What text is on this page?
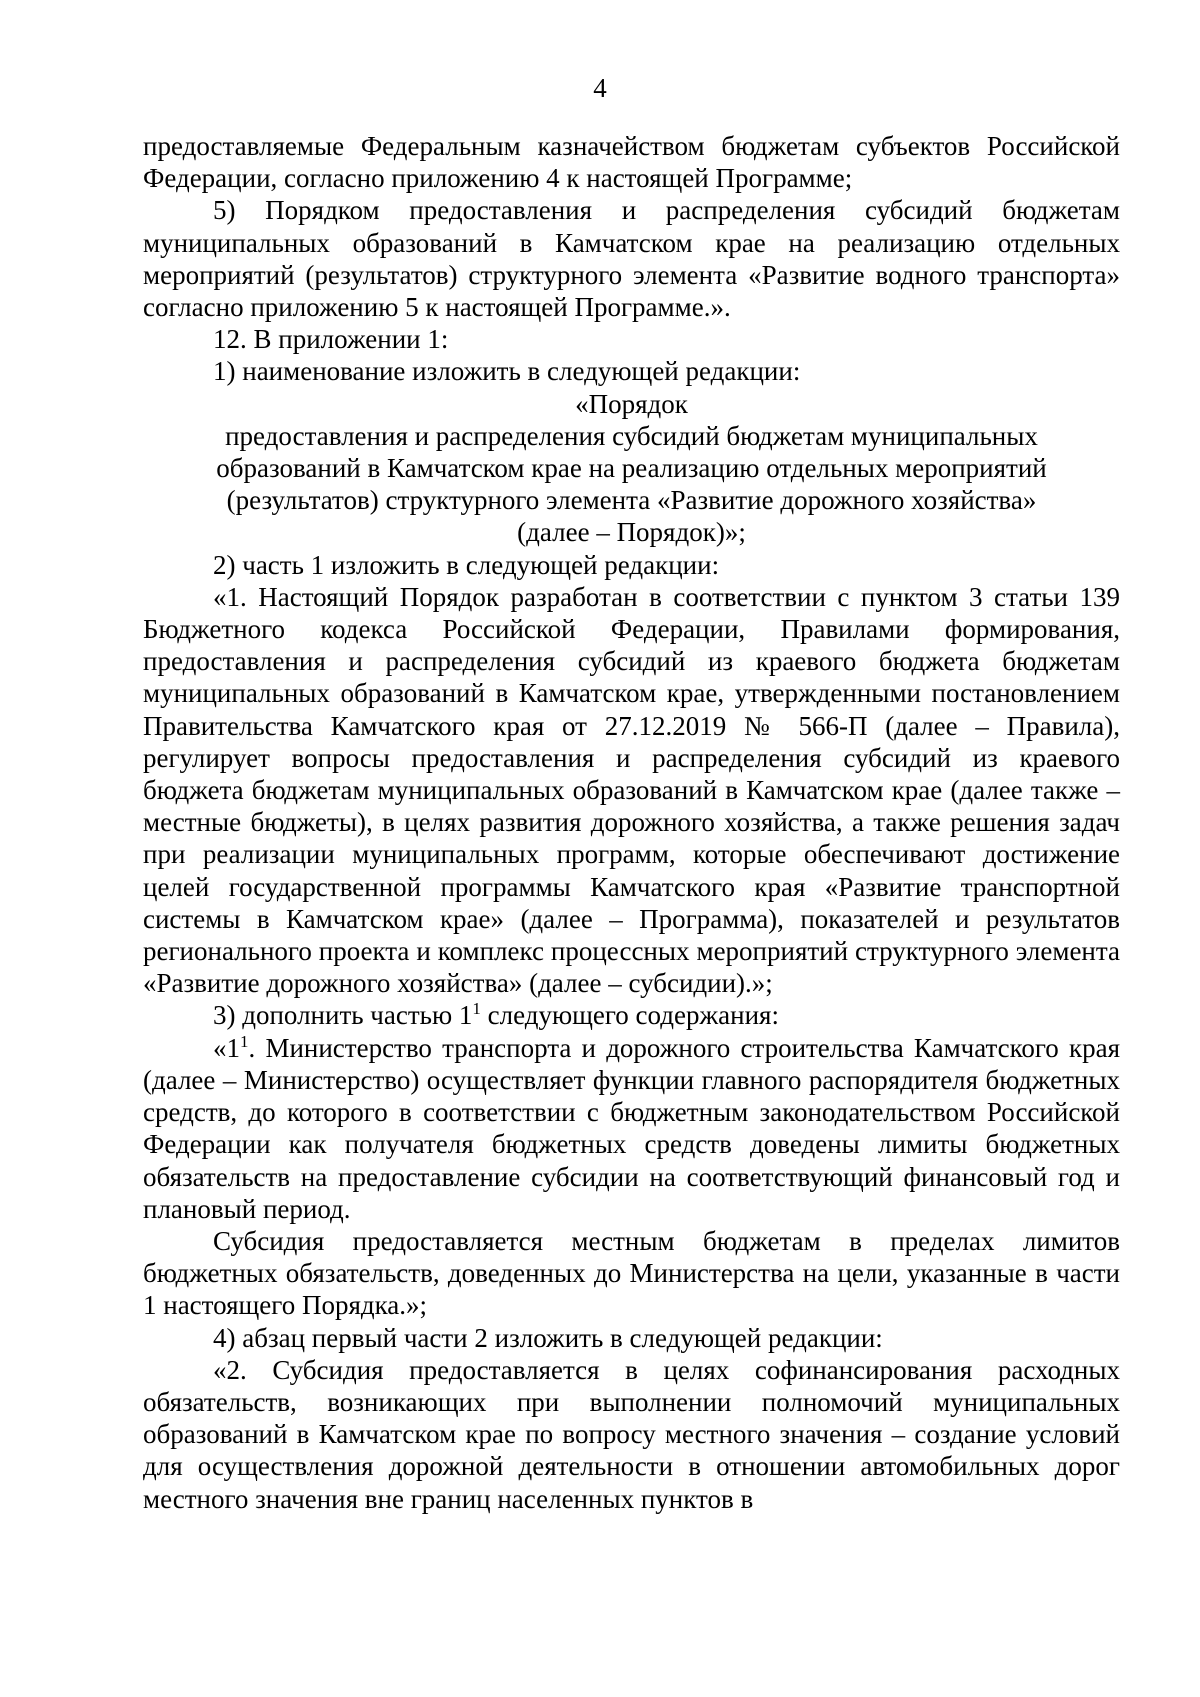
4

предоставляемые Федеральным казначейством бюджетам субъектов Российской Федерации, согласно приложению 4 к настоящей Программе;

5) Порядком предоставления и распределения субсидий бюджетам муниципальных образований в Камчатском крае на реализацию отдельных мероприятий (результатов) структурного элемента «Развитие водного транспорта» согласно приложению 5 к настоящей Программе.».

12. В приложении 1:

1) наименование изложить в следующей редакции:

«Порядок
предоставления и распределения субсидий бюджетам муниципальных
образований в Камчатском крае на реализацию отдельных мероприятий
(результатов) структурного элемента «Развитие дорожного хозяйства»
(далее – Порядок)»;

2) часть 1 изложить в следующей редакции:

«1. Настоящий Порядок разработан в соответствии с пунктом 3 статьи 139 Бюджетного кодекса Российской Федерации, Правилами формирования, предоставления и распределения субсидий из краевого бюджета бюджетам муниципальных образований в Камчатском крае, утвержденными постановлением Правительства Камчатского края от 27.12.2019 № 566-П (далее – Правила), регулирует вопросы предоставления и распределения субсидий из краевого бюджета бюджетам муниципальных образований в Камчатском крае (далее также – местные бюджеты), в целях развития дорожного хозяйства, а также решения задач при реализации муниципальных программ, которые обеспечивают достижение целей государственной программы Камчатского края «Развитие транспортной системы в Камчатском крае» (далее – Программа), показателей и результатов регионального проекта и комплекс процессных мероприятий структурного элемента «Развитие дорожного хозяйства» (далее – субсидии).»;

3) дополнить частью $1^1$ следующего содержания:

«$1^1$. Министерство транспорта и дорожного строительства Камчатского края (далее – Министерство) осуществляет функции главного распорядителя бюджетных средств, до которого в соответствии с бюджетным законодательством Российской Федерации как получателя бюджетных средств доведены лимиты бюджетных обязательств на предоставление субсидии на соответствующий финансовый год и плановый период.

Субсидия предоставляется местным бюджетам в пределах лимитов бюджетных обязательств, доведенных до Министерства на цели, указанные в части 1 настоящего Порядка.»;

4) абзац первый части 2 изложить в следующей редакции:

«2. Субсидия предоставляется в целях софинансирования расходных обязательств, возникающих при выполнении полномочий муниципальных образований в Камчатском крае по вопросу местного значения – создание условий для осуществления дорожной деятельности в отношении автомобильных дорог местного значения вне границ населенных пунктов в
